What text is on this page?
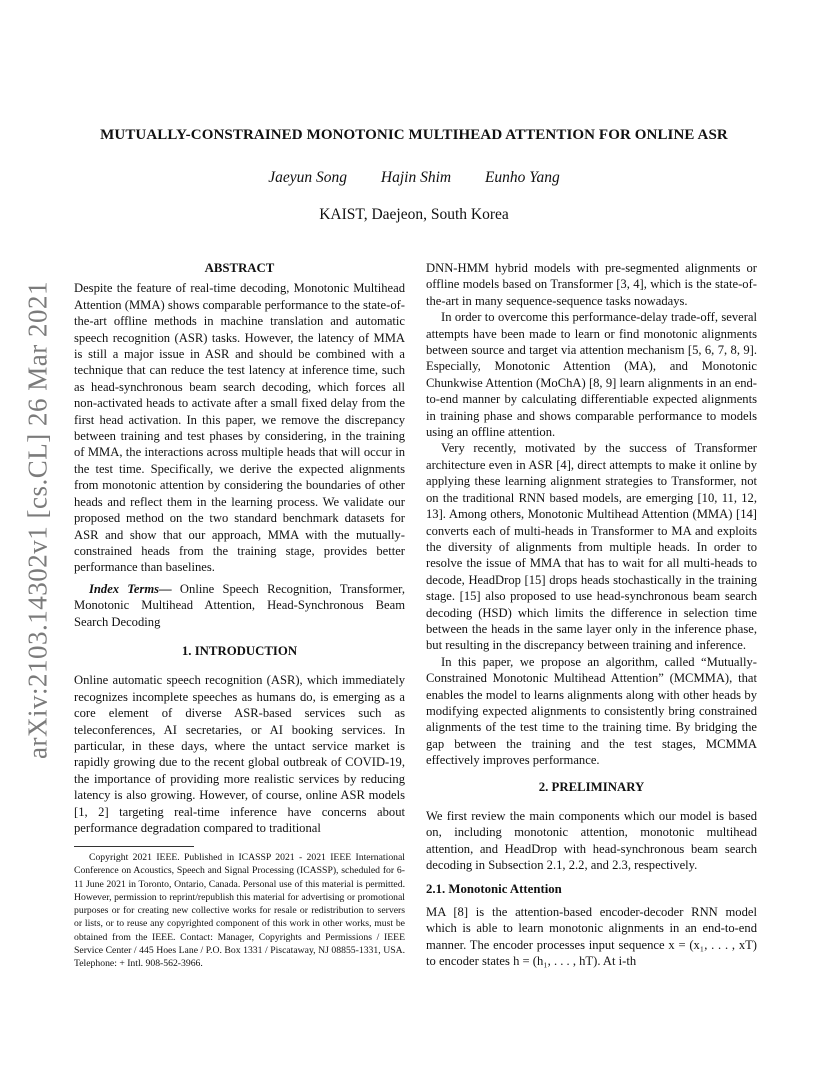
arXiv:2103.14302v1 [cs.CL] 26 Mar 2021
MUTUALLY-CONSTRAINED MONOTONIC MULTIHEAD ATTENTION FOR ONLINE ASR
Jaeyun Song Hajin Shim Eunho Yang
KAIST, Daejeon, South Korea
ABSTRACT

Despite the feature of real-time decoding, Monotonic Multihead Attention (MMA) shows comparable performance to the state-of-the-art offline methods in machine translation and automatic speech recognition (ASR) tasks. However, the latency of MMA is still a major issue in ASR and should be combined with a technique that can reduce the test latency at inference time, such as head-synchronous beam search decoding, which forces all non-activated heads to activate after a small fixed delay from the first head activation. In this paper, we remove the discrepancy between training and test phases by considering, in the training of MMA, the interactions across multiple heads that will occur in the test time. Specifically, we derive the expected alignments from monotonic attention by considering the boundaries of other heads and reflect them in the learning process. We validate our proposed method on the two standard benchmark datasets for ASR and show that our approach, MMA with the mutually-constrained heads from the training stage, provides better performance than baselines.

Index Terms— Online Speech Recognition, Transformer, Monotonic Multihead Attention, Head-Synchronous Beam Search Decoding

1. INTRODUCTION

Online automatic speech recognition (ASR), which immediately recognizes incomplete speeches as humans do, is emerging as a core element of diverse ASR-based services such as teleconferences, AI secretaries, or AI booking services. In particular, in these days, where the untact service market is rapidly growing due to the recent global outbreak of COVID-19, the importance of providing more realistic services by reducing latency is also growing. However, of course, online ASR models [1, 2] targeting real-time inference have concerns about performance degradation compared to traditional

DNN-HMM hybrid models with pre-segmented alignments or offline models based on Transformer [3, 4], which is the state-of-the-art in many sequence-sequence tasks nowadays.

In order to overcome this performance-delay trade-off, several attempts have been made to learn or find monotonic alignments between source and target via attention mechanism [5, 6, 7, 8, 9]. Especially, Monotonic Attention (MA), and Monotonic Chunkwise Attention (MoChA) [8, 9] learn alignments in an end-to-end manner by calculating differentiable expected alignments in training phase and shows comparable performance to models using an offline attention.

Very recently, motivated by the success of Transformer architecture even in ASR [4], direct attempts to make it online by applying these learning alignment strategies to Transformer, not on the traditional RNN based models, are emerging [10, 11, 12, 13]. Among others, Monotonic Multihead Attention (MMA) [14] converts each of multi-heads in Transformer to MA and exploits the diversity of alignments from multiple heads. In order to resolve the issue of MMA that has to wait for all multi-heads to decode, HeadDrop [15] drops heads stochastically in the training stage. [15] also proposed to use head-synchronous beam search decoding (HSD) which limits the difference in selection time between the heads in the same layer only in the inference phase, but resulting in the discrepancy between training and inference.

In this paper, we propose an algorithm, called “Mutually-Constrained Monotonic Multihead Attention” (MCMMA), that enables the model to learns alignments along with other heads by modifying expected alignments to consistently bring constrained alignments of the test time to the training time. By bridging the gap between the training and the test stages, MCMMA effectively improves performance.

2. PRELIMINARY

We first review the main components which our model is based on, including monotonic attention, monotonic multihead attention, and HeadDrop with head-synchronous beam search decoding in Subsection 2.1, 2.2, and 2.3, respectively.

2.1. Monotonic Attention

MA [8] is the attention-based encoder-decoder RNN model which is able to learn monotonic alignments in an end-to-end manner. The encoder processes input sequence x = (x₁, . . . , xT) to encoder states h = (h₁, . . . , hT). At i-th

Copyright 2021 IEEE. Published in ICASSP 2021 - 2021 IEEE International Conference on Acoustics, Speech and Signal Processing (ICASSP), scheduled for 6-11 June 2021 in Toronto, Ontario, Canada. Personal use of this material is permitted. However, permission to reprint/republish this material for advertising or promotional purposes or for creating new collective works for resale or redistribution to servers or lists, or to reuse any copyrighted component of this work in other works, must be obtained from the IEEE. Contact: Manager, Copyrights and Permissions / IEEE Service Center / 445 Hoes Lane / P.O. Box 1331 / Piscataway, NJ 08855-1331, USA. Telephone: + Intl. 908-562-3966.
